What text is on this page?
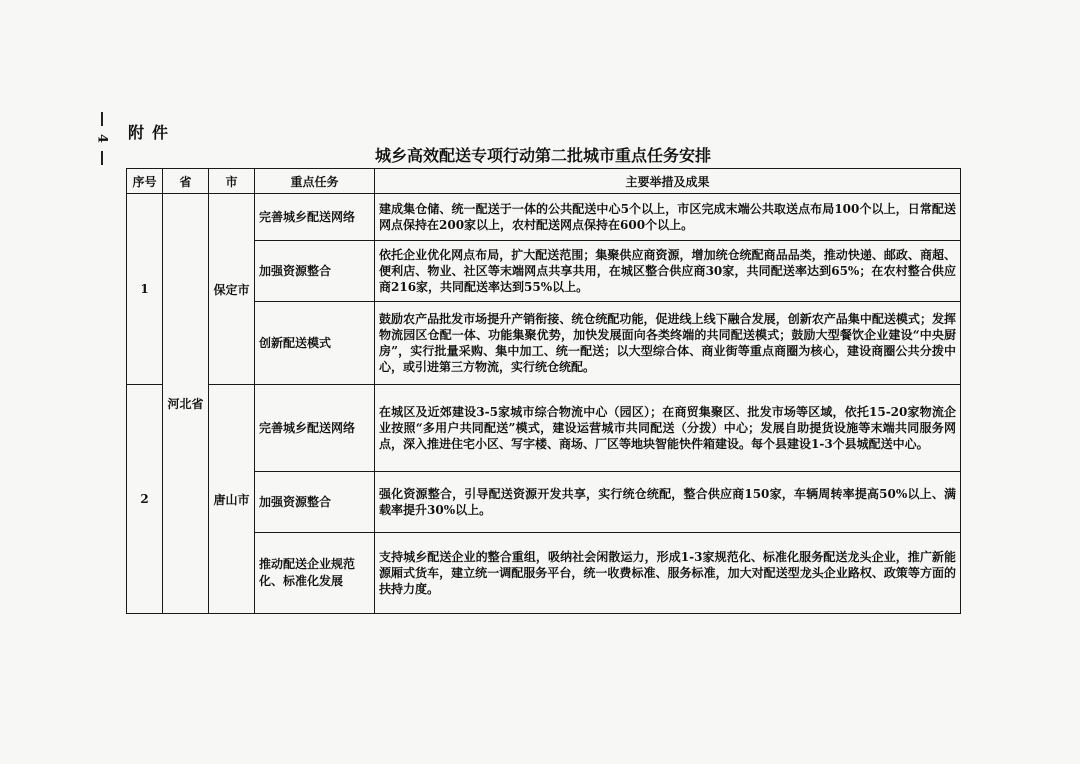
4 附件
城乡高效配送专项行动第二批城市重点任务安排
序号	省	市	重点任务	主要举措及成果
1	河北省	保定市	完善城乡配送网络	建成集仓储、统一配送于一体的公共配送中心5个以上，市区完成末端公共取送点布局100个以上，日常配送网点保持在200家以上，农村配送网点保持在600个以上。
			加强资源整合	依托企业优化网点布局，扩大配送范围；集聚供应商资源，增加统仓统配商品品类，推动快递、邮政、商超、便利店、物业、社区等末端网点共享共用，在城区整合供应商30家，共同配送率达到65%；在农村整合供应商216家，共同配送率达到55%以上。
			创新配送模式	鼓励农产品批发市场提升产销衔接、统仓统配功能，促进线上线下融合发展，创新农产品集中配送模式；发挥物流园区仓配一体、功能集聚优势，加快发展面向各类终端的共同配送模式；鼓励大型餐饮企业建设“中央厨房”，实行批量采购、集中加工、统一配送；以大型综合体、商业街等重点商圈为核心，建设商圈公共分拨中心，或引进第三方物流，实行统仓统配。
2		唐山市	完善城乡配送网络	在城区及近郊建设3-5家城市综合物流中心（园区）；在商贸集聚区、批发市场等区域，依托15-20家物流企业按照“多用户共同配送”模式，建设运营城市共同配送（分拨）中心；发展自助提货设施等末端共同服务网点，深入推进住宅小区、写字楼、商场、厂区等地块智能快件箱建设。每个县建设1-3个县城配送中心。
			加强资源整合	强化资源整合，引导配送资源开发共享，实行统仓统配，整合供应商150家，车辆周转率提高50%以上、满载率提升30%以上。
			推动配送企业规范化、标准化发展	支持城乡配送企业的整合重组，吸纳社会闲散运力，形成1-3家规范化、标准化服务配送龙头企业，推广新能源厢式货车，建立统一调配服务平台，统一收费标准、服务标准，加大对配送型龙头企业路权、政策等方面的扶持力度。
